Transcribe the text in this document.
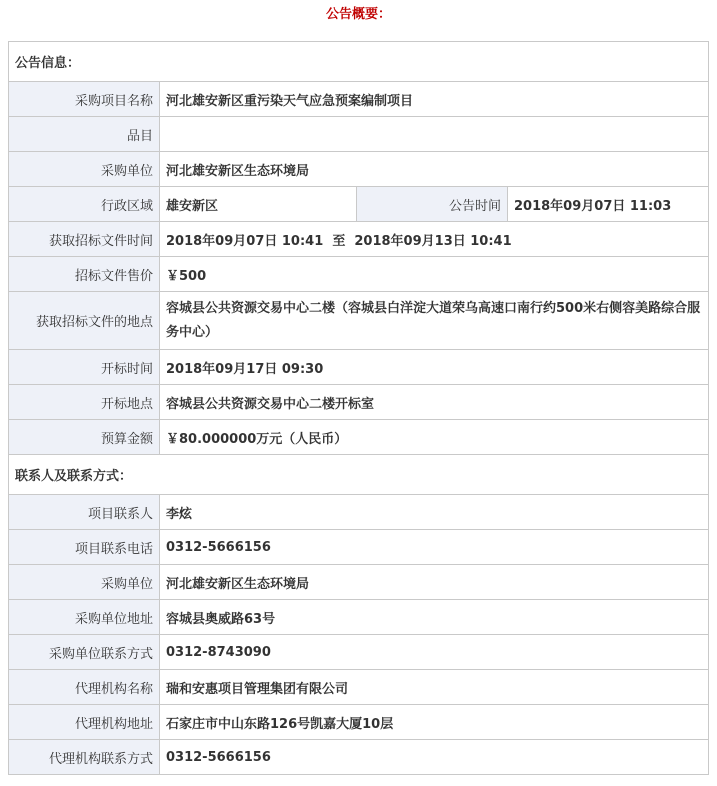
公告概要：
公告信息：			
采购项目名称	河北雄安新区重污染天气应急预案编制项目		
品目			
采购单位	河北雄安新区生态环境局		
行政区域	雄安新区	公告时间	2018年09月07日 11:03
获取招标文件时间	2018年09月07日 10:41  至  2018年09月13日 10:41		
招标文件售价	￥500		
获取招标文件的地点	容城县公共资源交易中心二楼（容城县白洋淀大道荣乌高速口南行约500米右侧容美路综合服务中心）		
开标时间	2018年09月17日 09:30		
开标地点	容城县公共资源交易中心二楼开标室		
预算金额	￥80.000000万元（人民币）		
联系人及联系方式：			
项目联系人	李炫		
项目联系电话	0312-5666156		
采购单位	河北雄安新区生态环境局		
采购单位地址	容城县奥威路63号		
采购单位联系方式	0312-8743090		
代理机构名称	瑞和安惠项目管理集团有限公司		
代理机构地址	石家庄市中山东路126号凯嘉大厦10层		
代理机构联系方式	0312-5666156		
